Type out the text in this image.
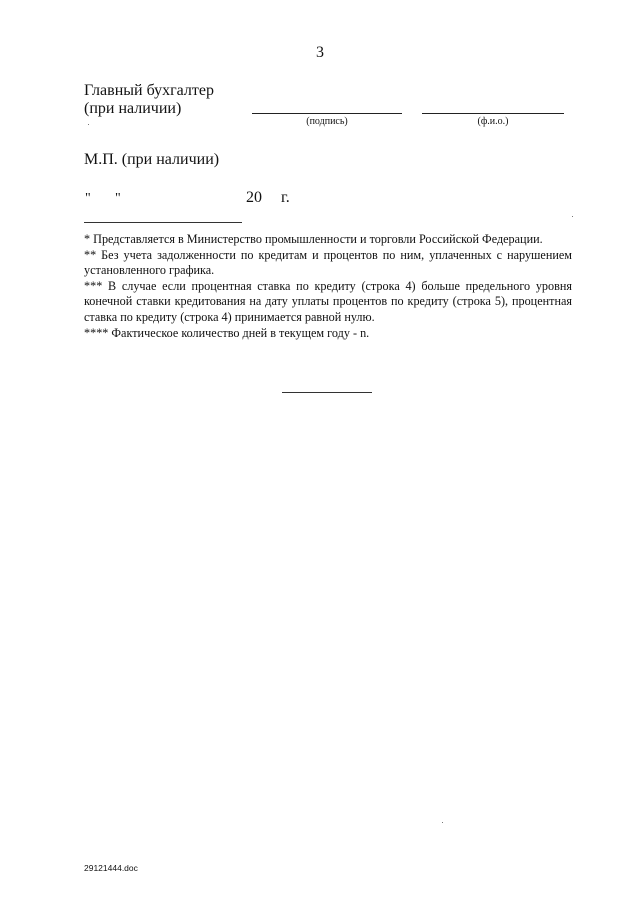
3
Главный бухгалтер
(при наличии)
(подпись)	(ф.и.о.)
М.П. (при наличии)
" "	20 г.

* Представляется в Министерство промышленности и торговли Российской Федерации.

** Без учета задолженности по кредитам и процентов по ним, уплаченных с нарушением установленного графика.

*** В случае если процентная ставка по кредиту (строка 4) больше предельного уровня конечной ставки кредитования на дату уплаты процентов по кредиту (строка 5), процентная ставка по кредиту (строка 4) принимается равной нулю.

**** Фактическое количество дней в текущем году - n.

29121444.doc
